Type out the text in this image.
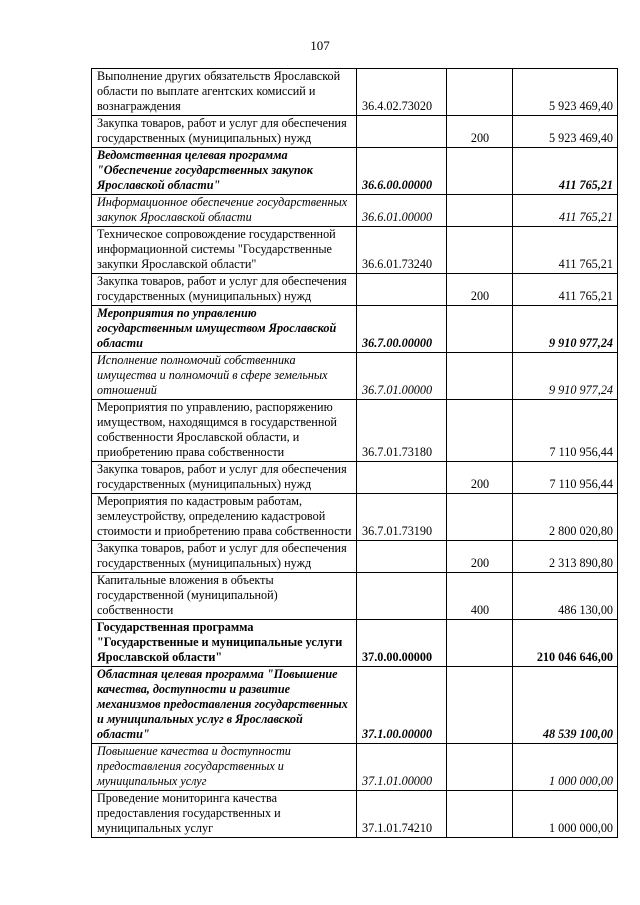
107
Выполнение других обязательств Ярославской области по выплате агентских комиссий и вознаграждения	36.4.02.73020		5 923 469,40
Закупка товаров, работ и услуг для обеспечения государственных (муниципальных) нужд		200	5 923 469,40
Ведомственная целевая программа "Обеспечение государственных закупок Ярославской области"	36.6.00.00000		411 765,21
Информационное обеспечение государственных закупок Ярославской области	36.6.01.00000		411 765,21
Техническое сопровождение государственной информационной системы "Государственные закупки Ярославской области"	36.6.01.73240		411 765,21
Закупка товаров, работ и услуг для обеспечения государственных (муниципальных) нужд		200	411 765,21
Мероприятия по управлению государственным имуществом Ярославской области	36.7.00.00000		9 910 977,24
Исполнение полномочий собственника имущества и полномочий в сфере земельных отношений	36.7.01.00000		9 910 977,24
Мероприятия по управлению, распоряжению имуществом, находящимся в государственной собственности Ярославской области, и приобретению права собственности	36.7.01.73180		7 110 956,44
Закупка товаров, работ и услуг для обеспечения государственных (муниципальных) нужд		200	7 110 956,44
Мероприятия по кадастровым работам, землеустройству, определению кадастровой стоимости и приобретению права собственности	36.7.01.73190		2 800 020,80
Закупка товаров, работ и услуг для обеспечения государственных (муниципальных) нужд		200	2 313 890,80
Капитальные вложения в объекты государственной (муниципальной) собственности		400	486 130,00
Государственная программа "Государственные и муниципальные услуги Ярославской области"	37.0.00.00000		210 046 646,00
Областная целевая программа "Повышение качества, доступности и развитие механизмов предоставления государственных и муниципальных услуг в Ярославской области"	37.1.00.00000		48 539 100,00
Повышение качества и доступности предоставления государственных и муниципальных услуг	37.1.01.00000		1 000 000,00
Проведение мониторинга качества предоставления государственных и муниципальных услуг	37.1.01.74210		1 000 000,00
